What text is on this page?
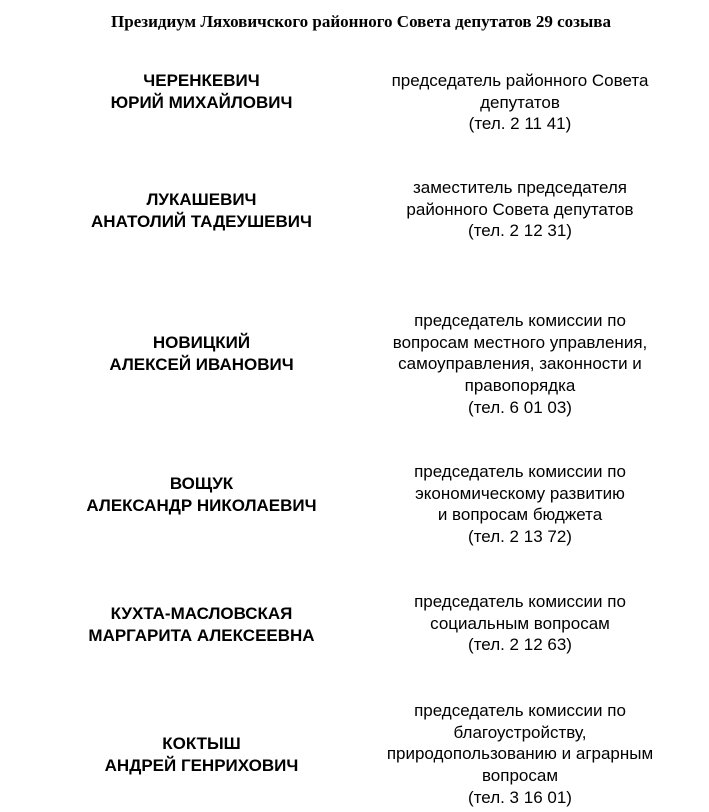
Президиум Ляховичского районного Совета депутатов 29 созыва
ЧЕРЕНКЕВИЧ
ЮРИЙ МИХАЙЛОВИЧ
председатель районного Совета
депутатов
(тел. 2 11 41)
ЛУКАШЕВИЧ
АНАТОЛИЙ ТАДЕУШЕВИЧ
заместитель председателя
районного Совета депутатов
(тел. 2 12 31)
НОВИЦКИЙ
АЛЕКСЕЙ ИВАНОВИЧ
председатель комиссии по
вопросам местного управления,
самоуправления, законности и
правопорядка
(тел. 6 01 03)
ВОЩУК
АЛЕКСАНДР НИКОЛАЕВИЧ
председатель комиссии по
экономическому развитию
и вопросам бюджета
(тел. 2 13 72)
КУХТА-МАСЛОВСКАЯ
МАРГАРИТА АЛЕКСЕЕВНА
председатель комиссии по
социальным вопросам
(тел. 2 12 63)
КОКТЫШ
АНДРЕЙ ГЕНРИХОВИЧ
председатель комиссии по
благоустройству,
природопользованию и аграрным
вопросам
(тел. 3 16 01)
